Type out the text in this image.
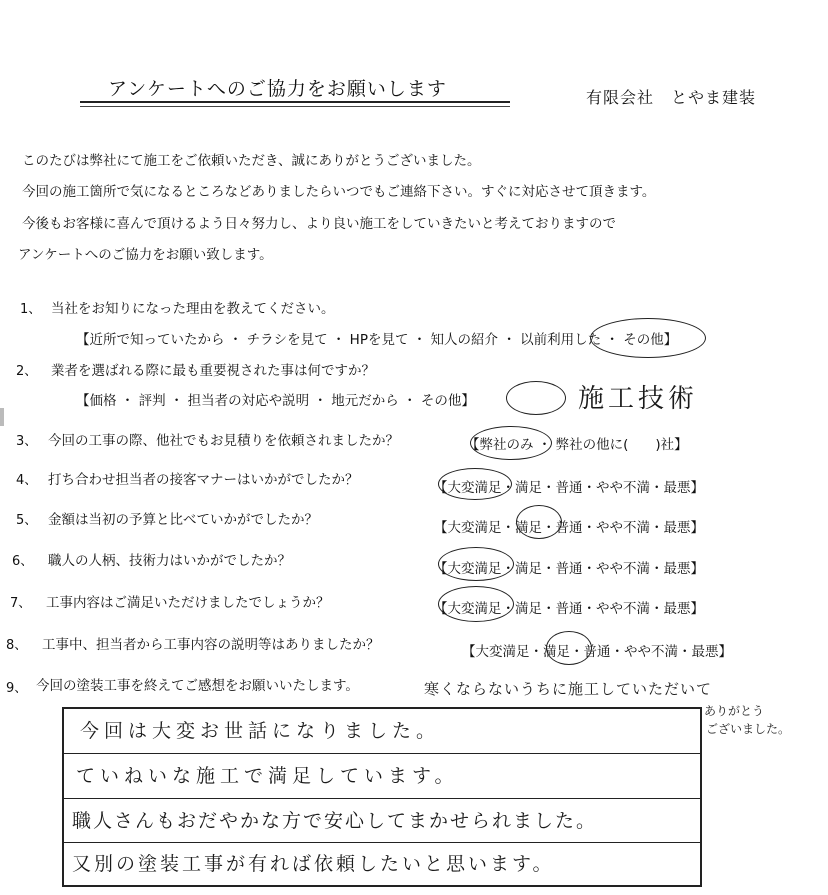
アンケートへのご協力をお願いします	有限会社　とやま建装
このたびは弊社にて施工をご依頼いただき、誠にありがとうございました。
今回の施工箇所で気になるところなどありましたらいつでもご連絡下さい。すぐに対応させて頂きます。
今後もお客様に喜んで頂けるよう日々努力し、より良い施工をしていきたいと考えておりますので
アンケートへのご協力をお願い致します。
1、 当社をお知りになった理由を教えてください。
【近所で知っていたから ・ チラシを見て ・ HPを見て ・ 知人の紹介 ・ 以前利用した ・ その他】
2、 業者を選ばれる際に最も重要視された事は何ですか？
【価格 ・ 評判 ・ 担当者の対応や説明 ・ 地元だから ・ その他】	施工技術
3、 今回の工事の際、他社でもお見積りを依頼されましたか？	【弊社のみ ・ 弊社の他に(　　)社】
4、 打ち合わせ担当者の接客マナーはいかがでしたか？	【大変満足・満足・普通・やや不満・最悪】
5、 金額は当初の予算と比べていかがでしたか？	【大変満足・満足・普通・やや不満・最悪】
6、 職人の人柄、技術力はいかがでしたか？	【大変満足・満足・普通・やや不満・最悪】
7、 工事内容はご満足いただけましたでしょうか？	【大変満足・満足・普通・やや不満・最悪】
8、 工事中、担当者から工事内容の説明等はありましたか？	【大変満足・満足・普通・やや不満・最悪】
9、 今回の塗装工事を終えてご感想をお願いいたします。	寒くならないうちに施工していただいて
ありがとう
ございました。
今回は大変お世話になりました。
ていねいな施工で満足しています。
職人さんもおだやかな方で安心してまかせられました。
又別の塗装工事が有れば依頼したいと思います。
